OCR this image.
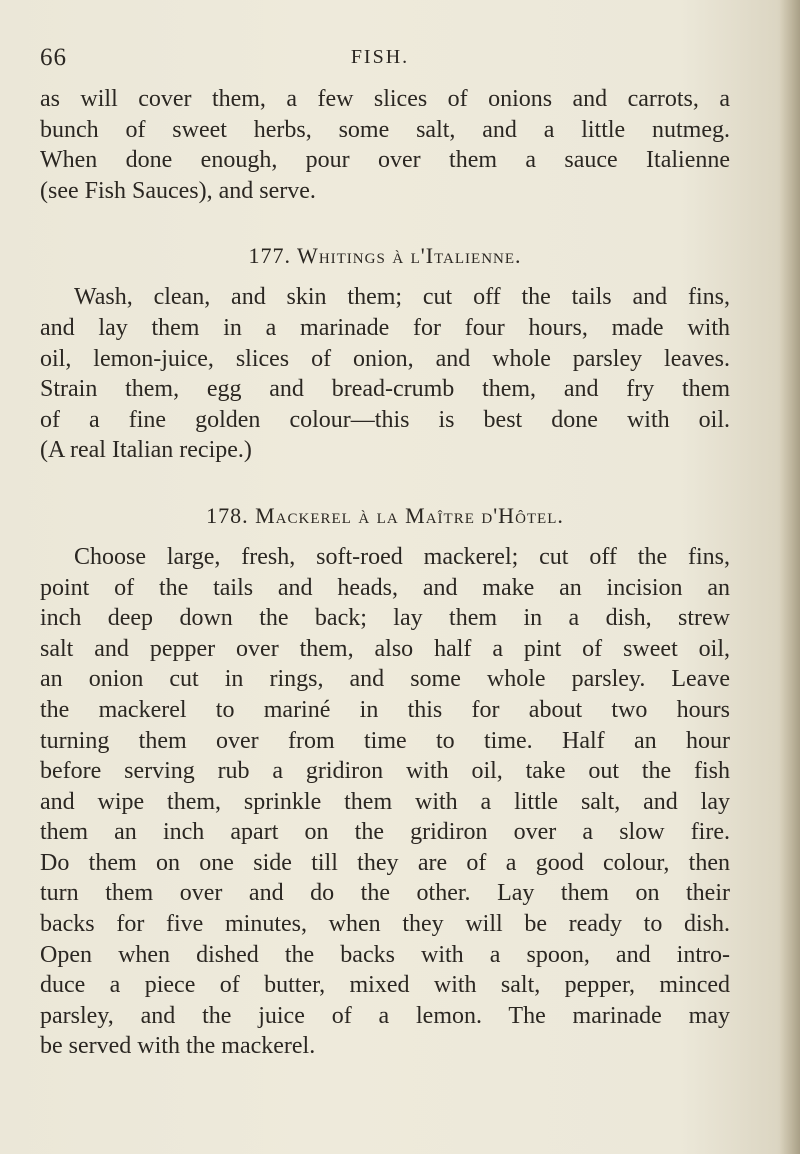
66	FISH.
as will cover them, a few slices of onions and carrots, a
bunch of sweet herbs, some salt, and a little nutmeg.
When done enough, pour over them a sauce Italienne
(see Fish Sauces), and serve.
177. Whitings à l'Italienne.
Wash, clean, and skin them; cut off the tails and fins,
and lay them in a marinade for four hours, made with
oil, lemon-juice, slices of onion, and whole parsley leaves.
Strain them, egg and bread-crumb them, and fry them
of a fine golden colour—this is best done with oil.
(A real Italian recipe.)
178. Mackerel à la Maître d'Hôtel.
Choose large, fresh, soft-roed mackerel; cut off the fins,
point of the tails and heads, and make an incision an
inch deep down the back; lay them in a dish, strew
salt and pepper over them, also half a pint of sweet oil,
an onion cut in rings, and some whole parsley. Leave
the mackerel to mariné in this for about two hours
turning them over from time to time. Half an hour
before serving rub a gridiron with oil, take out the fish
and wipe them, sprinkle them with a little salt, and lay
them an inch apart on the gridiron over a slow fire.
Do them on one side till they are of a good colour, then
turn them over and do the other. Lay them on their
backs for five minutes, when they will be ready to dish.
Open when dished the backs with a spoon, and intro-
duce a piece of butter, mixed with salt, pepper, minced
parsley, and the juice of a lemon. The marinade may
be served with the mackerel.
